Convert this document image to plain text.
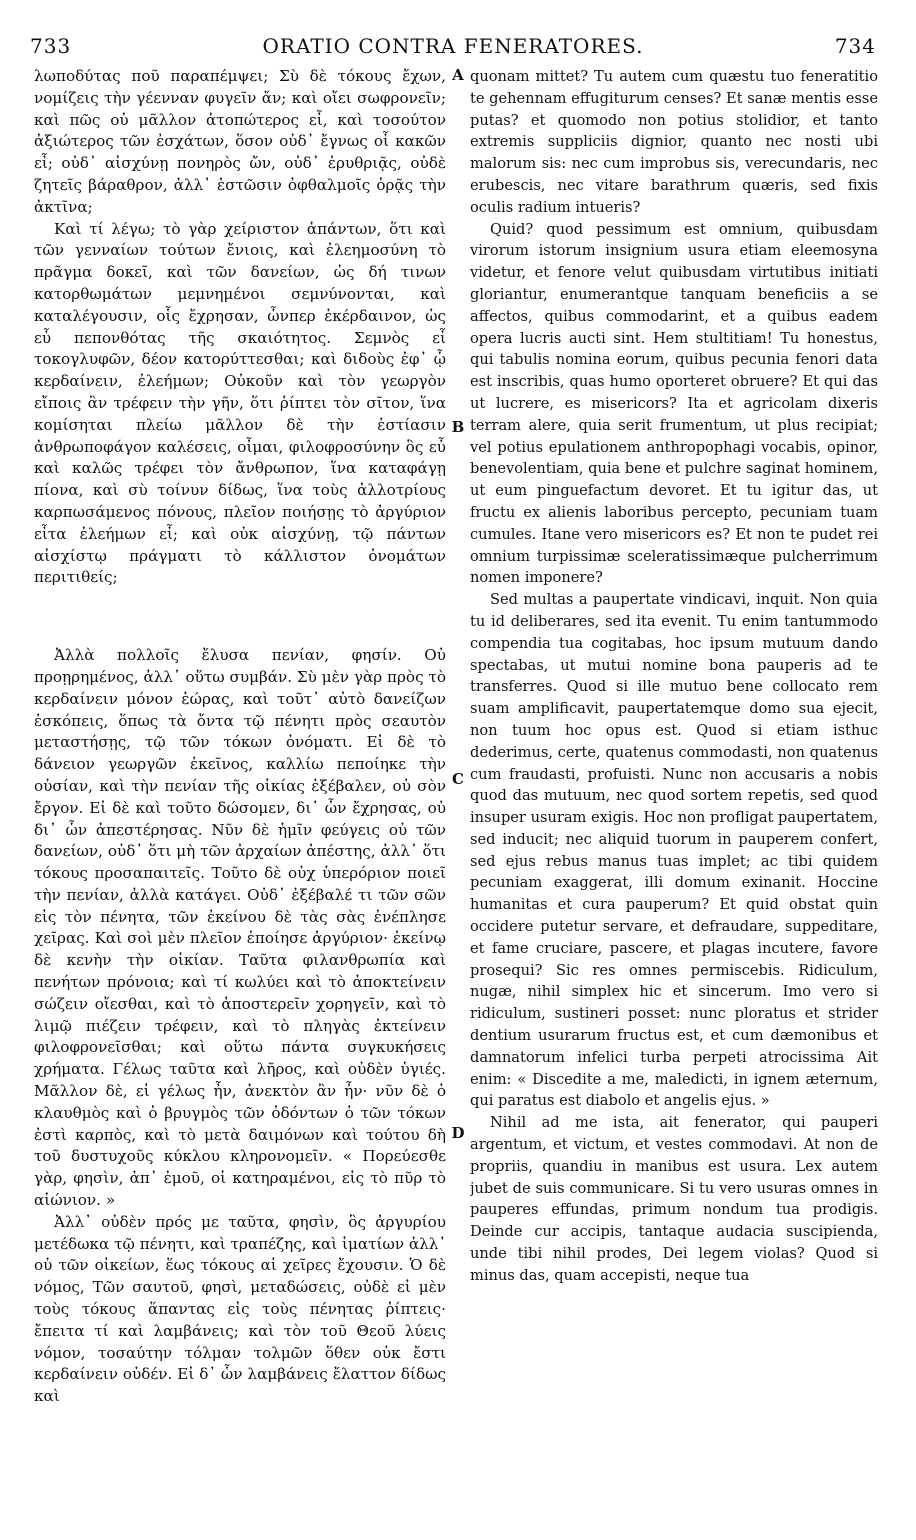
733	ORATIO CONTRA FENERATORES.	734

λωποδύτας ποῦ παραπέμψει; Σὺ δὲ τόκους ἔχων, νομίζεις τὴν γέενναν φυγεῖν ἄν; καὶ οἴει σωφρονεῖν; καὶ πῶς οὐ μᾶλλον ἀτοπώτερος εἶ, καὶ τοσούτον ἀξιώτερος τῶν ἐσχάτων, ὅσον οὐδ᾽ ἔγνως οἷ κακῶν εἶ; οὐδ᾽ αἰσχύνῃ πονηρὸς ὤν, οὐδ᾽ ἐρυθριᾷς, οὐδὲ ζητεῖς βάραθρον, ἀλλ᾽ ἑστῶσιν ὀφθαλμοῖς ὁρᾷς τὴν ἀκτῖνα;

Καὶ τί λέγω; τὸ γὰρ χείριστον ἁπάντων, ὅτι καὶ τῶν γενναίων τούτων ἔνιοις, καὶ ἐλεημοσύνη τὸ πρᾶγμα δοκεῖ, καὶ τῶν δανείων, ὡς δή τινων κατορθωμάτων μεμνημένοι σεμνύνονται, καὶ καταλέγουσιν, οἷς ἔχρησαν, ὧνπερ ἐκέρδαινον, ὡς εὖ πεπονθότας τῆς σκαιότητος. Σεμνὸς εἶ τοκογλυφῶν, δέον κατορύττεσθαι; καὶ διδοὺς ἐφ᾽ ᾧ κερδαίνειν, ἐλεήμων; Οὐκοῦν καὶ τὸν γεωργὸν εἴποις ἂν τρέφειν τὴν γῆν, ὅτι ῥίπτει τὸν σῖτον, ἵνα κομίσηται πλείω μᾶλλον δὲ τὴν ἑστίασιν ἀνθρωποφάγον καλέσεις, οἶμαι, φιλοφροσύνην ὃς εὖ καὶ καλῶς τρέφει τὸν ἄνθρωπον, ἵνα καταφάγῃ πίονα, καὶ σὺ τοίνυν δίδως, ἵνα τοὺς ἀλλοτρίους καρπωσάμενος πόνους, πλεῖον ποιήσῃς τὸ ἀργύριον εἶτα ἐλεήμων εἶ; καὶ οὐκ αἰσχύνῃ, τῷ πάντων αἰσχίστῳ πράγματι τὸ κάλλιστον ὀνομάτων περιτιθείς;

Ἀλλὰ πολλοῖς ἔλυσα πενίαν, φησίν. Οὐ προῃρημένος, ἀλλ᾽ οὕτω συμβάν. Σὺ μὲν γὰρ πρὸς τὸ κερδαίνειν μόνον ἑώρας, καὶ τοῦτ᾽ αὐτὸ δανείζων ἐσκόπεις, ὅπως τὰ ὄντα τῷ πένητι πρὸς σεαυτὸν μεταστήσῃς, τῷ τῶν τόκων ὀνόματι. Εἰ δὲ τὸ δάνειον γεωργῶν ἐκεῖνος, καλλίω πεποίηκε τὴν οὐσίαν, καὶ τὴν πενίαν τῆς οἰκίας ἐξέβαλεν, οὐ σὸν ἔργον. Εἰ δὲ καὶ τοῦτο δώσομεν, δι᾽ ὧν ἔχρησας, οὐ δι᾽ ὧν ἀπεστέρησας. Νῦν δὲ ἡμῖν φεύγεις οὐ τῶν δανείων, οὐδ᾽ ὅτι μὴ τῶν ἀρχαίων ἀπέστης, ἀλλ᾽ ὅτι τόκους προσαπαιτεῖς. Τοῦτο δὲ οὐχ ὑπερόριον ποιεῖ τὴν πενίαν, ἀλλὰ κατάγει. Οὐδ᾽ ἐξέβαλέ τι τῶν σῶν εἰς τὸν πένητα, τῶν ἐκείνου δὲ τὰς σὰς ἐνέπλησε χεῖρας. Καὶ σοὶ μὲν πλεῖον ἐποίησε ἀργύριον· ἐκείνῳ δὲ κενὴν τὴν οἰκίαν. Ταῦτα φιλανθρωπία καὶ πενήτων πρόνοια; καὶ τί κωλύει καὶ τὸ ἀποκτείνειν σώζειν οἴεσθαι, καὶ τὸ ἀποστερεῖν χορηγεῖν, καὶ τὸ λιμῷ πιέζειν τρέφειν, καὶ τὸ πληγὰς ἐκτείνειν φιλοφρονεῖσθαι; καὶ οὕτω πάντα συγκυκήσεις χρήματα. Γέλως ταῦτα καὶ λῆρος, καὶ οὐδὲν ὑγιές. Μᾶλλον δὲ, εἰ γέλως ἦν, ἀνεκτὸν ἂν ἦν· νῦν δὲ ὁ κλαυθμὸς καὶ ὁ βρυγμὸς τῶν ὀδόντων ὁ τῶν τόκων ἐστὶ καρπὸς, καὶ τὸ μετὰ δαιμόνων καὶ τούτου δὴ τοῦ δυστυχοῦς κύκλου κληρονομεῖν. « Πορεύεσθε γὰρ, φησὶν, ἀπ᾽ ἐμοῦ, οἱ κατηραμένοι, εἰς τὸ πῦρ τὸ αἰώνιον. »

Ἀλλ᾽ οὐδὲν πρός με ταῦτα, φησὶν, ὃς ἀργυρίου μετέδωκα τῷ πένητι, καὶ τραπέζης, καὶ ἱματίων ἀλλ᾽ οὐ τῶν οἰκείων, ἕως τόκους αἱ χεῖρες ἔχουσιν. Ὁ δὲ νόμος, Τῶν σαυτοῦ, φησὶ, μεταδώσεις, οὐδὲ εἰ μὲν τοὺς τόκους ἅπαντας εἰς τοὺς πένητας ῥίπτεις· ἔπειτα τί καὶ λαμβάνεις; καὶ τὸν τοῦ Θεοῦ λύεις νόμον, τοσαύτην τόλμαν τολμῶν ὅθεν οὐκ ἔστι κερδαίνειν οὐδέν. Εἰ δ᾽ ὧν λαμβάνεις ἔλαττον δίδως καὶ

A
B
C
D

quonam mittet? Tu autem cum quæstu tuo feneratitio te gehennam effugiturum censes? Et sanæ mentis esse putas? et quomodo non potius stolidior, et tanto extremis suppliciis dignior, quanto nec nosti ubi malorum sis: nec cum improbus sis, verecundaris, nec erubescis, nec vitare barathrum quæris, sed fixis oculis radium intueris?

Quid? quod pessimum est omnium, quibusdam virorum istorum insignium usura etiam eleemosyna videtur, et fenore velut quibusdam virtutibus initiati gloriantur, enumerantque tanquam beneficiis a se affectos, quibus commodarint, et a quibus eadem opera lucris aucti sint. Hem stultitiam! Tu honestus, qui tabulis nomina eorum, quibus pecunia fenori data est inscribis, quas humo oporteret obruere? Et qui das ut lucrere, es misericors? Ita et agricolam dixeris terram alere, quia serit frumentum, ut plus recipiat; vel potius epulationem anthropophagi vocabis, opinor, benevolentiam, quia bene et pulchre saginat hominem, ut eum pinguefactum devoret. Et tu igitur das, ut fructu ex alienis laboribus percepto, pecuniam tuam cumules. Itane vero misericors es? Et non te pudet rei omnium turpissimæ sceleratissimæque pulcherrimum nomen imponere?

Sed multas a paupertate vindicavi, inquit. Non quia tu id deliberares, sed ita evenit. Tu enim tantummodo compendia tua cogitabas, hoc ipsum mutuum dando spectabas, ut mutui nomine bona pauperis ad te transferres. Quod si ille mutuo bene collocato rem suam amplificavit, paupertatemque domo sua ejecit, non tuum hoc opus est. Quod si etiam isthuc dederimus, certe, quatenus commodasti, non quatenus cum fraudasti, profuisti. Nunc non accusaris a nobis quod das mutuum, nec quod sortem repetis, sed quod insuper usuram exigis. Hoc non profligat paupertatem, sed inducit; nec aliquid tuorum in pauperem confert, sed ejus rebus manus tuas implet; ac tibi quidem pecuniam exaggerat, illi domum exinanit. Hoccine humanitas et cura pauperum? Et quid obstat quin occidere putetur servare, et defraudare, suppeditare, et fame cruciare, pascere, et plagas incutere, favore prosequi? Sic res omnes permiscebis. Ridiculum, nugæ, nihil simplex hic et sincerum. Imo vero si ridiculum, sustineri posset: nunc ploratus et strider dentium usurarum fructus est, et cum dæmonibus et damnatorum infelici turba perpeti atrocissima Ait enim: « Discedite a me, maledicti, in ignem æternum, qui paratus est diabolo et angelis ejus. »

Nihil ad me ista, ait fenerator, qui pauperi argentum, et victum, et vestes commodavi. At non de propriis, quandiu in manibus est usura. Lex autem jubet de suis communicare. Si tu vero usuras omnes in pauperes effundas, primum nondum tua prodigis. Deinde cur accipis, tantaque audacia suscipienda, unde tibi nihil prodes, Dei legem violas? Quod si minus das, quam accepisti, neque tua
